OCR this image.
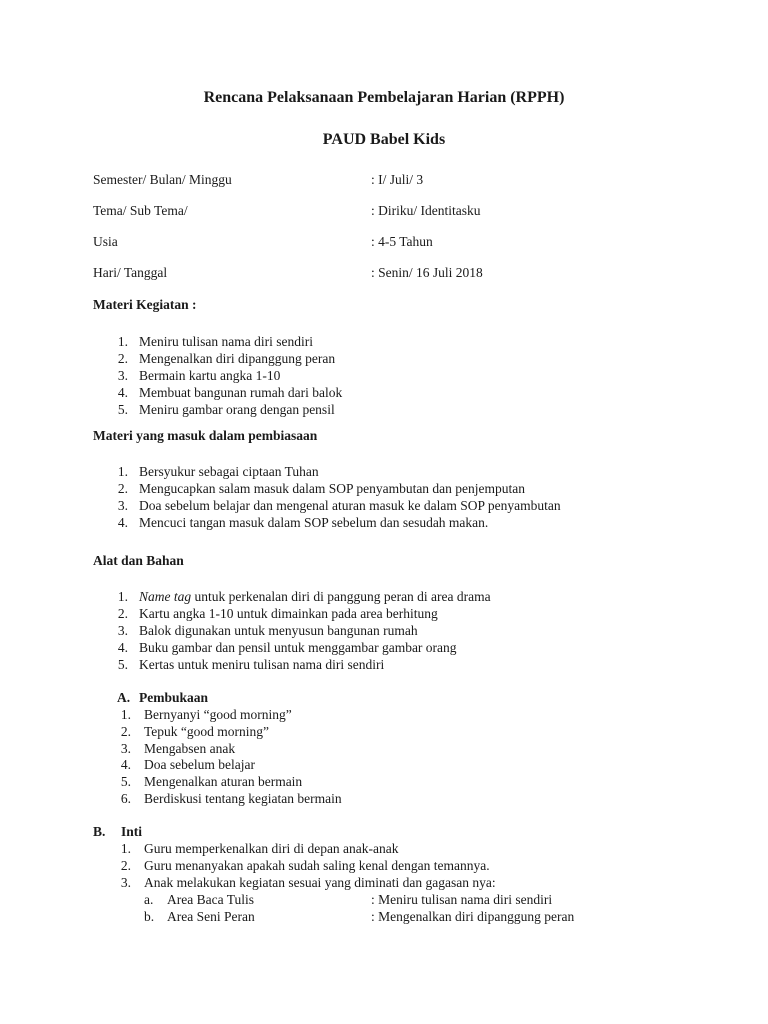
Rencana Pelaksanaan Pembelajaran Harian (RPPH)
PAUD Babel Kids
Semester/ Bulan/ Minggu	: I/ Juli/ 3
Tema/ Sub Tema/	: Diriku/ Identitasku
Usia	: 4-5 Tahun
Hari/ Tanggal	: Senin/ 16 Juli 2018
Materi Kegiatan :
1. Meniru tulisan nama diri sendiri
2. Mengenalkan diri dipanggung peran
3. Bermain kartu angka 1-10
4. Membuat bangunan rumah dari balok
5. Meniru gambar orang dengan pensil
Materi yang masuk dalam pembiasaan
1. Bersyukur sebagai ciptaan Tuhan
2. Mengucapkan salam masuk dalam SOP penyambutan dan penjemputan
3. Doa sebelum belajar dan mengenal aturan masuk ke dalam SOP penyambutan
4. Mencuci tangan masuk dalam SOP sebelum dan sesudah makan.
Alat dan Bahan
1. Name tag untuk perkenalan diri di panggung peran di area drama
2. Kartu angka 1-10 untuk dimainkan pada area berhitung
3. Balok digunakan untuk menyusun bangunan rumah
4. Buku gambar dan pensil untuk menggambar gambar orang
5. Kertas untuk meniru tulisan nama diri sendiri
A. Pembukaan
1. Bernyanyi “good morning”
2. Tepuk “good morning”
3. Mengabsen anak
4. Doa sebelum belajar
5. Mengenalkan aturan bermain
6. Berdiskusi tentang kegiatan bermain
B. Inti
1. Guru memperkenalkan diri di depan anak-anak
2. Guru menanyakan apakah sudah saling kenal dengan temannya.
3. Anak melakukan kegiatan sesuai yang diminati dan gagasan nya:
a. Area Baca Tulis	: Meniru tulisan nama diri sendiri
b. Area Seni Peran	: Mengenalkan diri dipanggung peran
